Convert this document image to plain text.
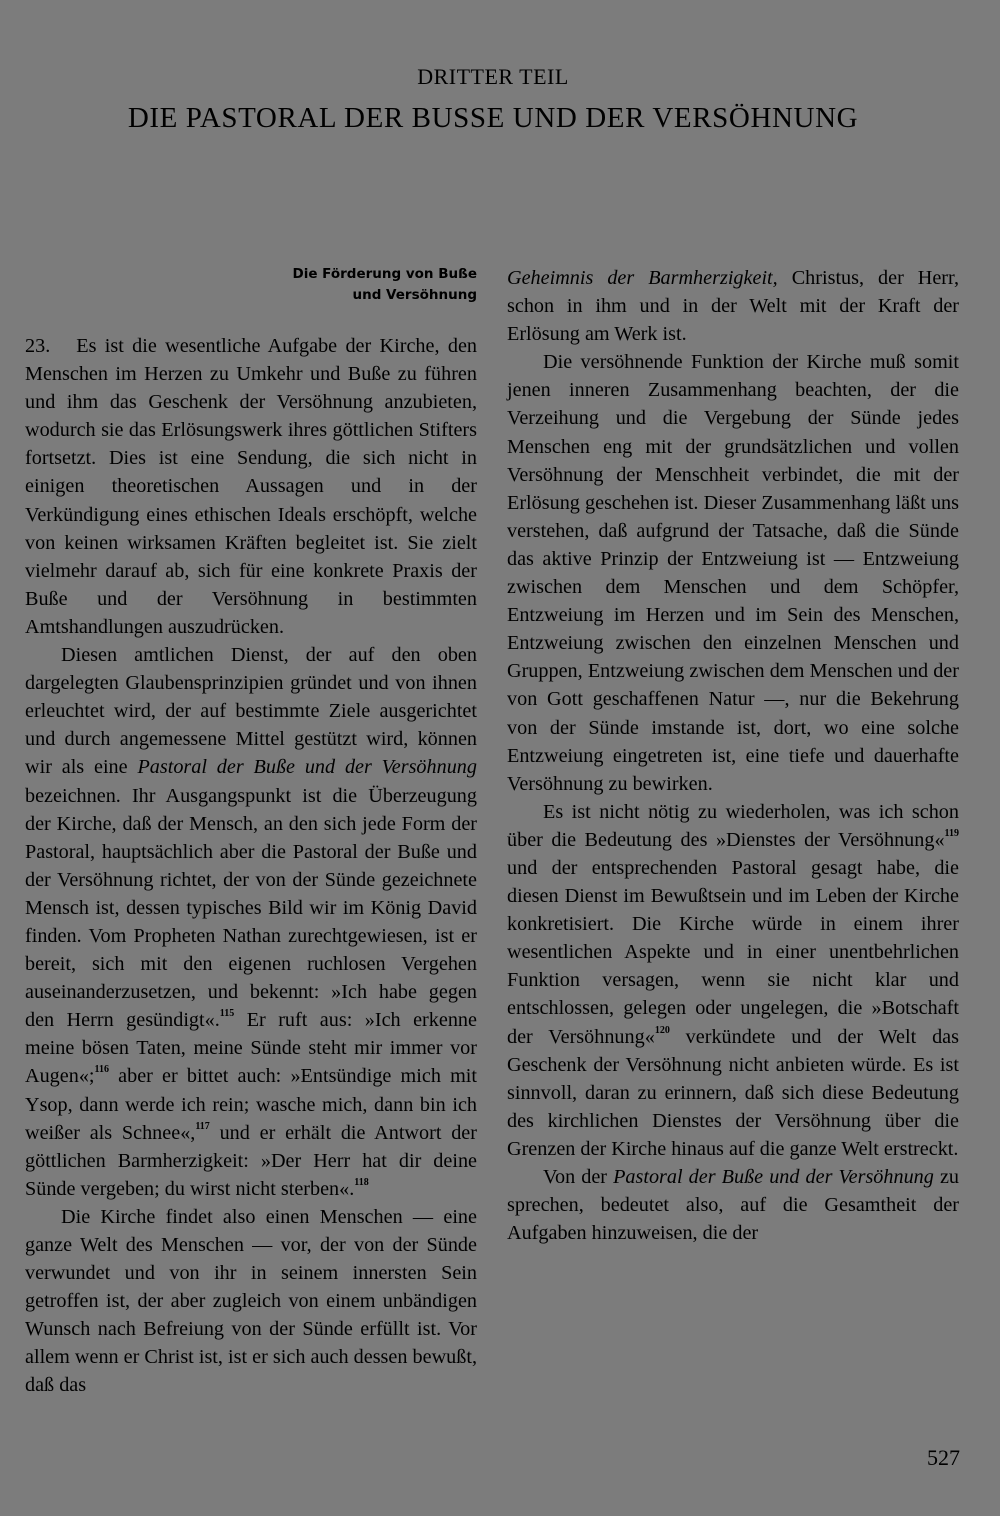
DRITTER TEIL
DIE PASTORAL DER BUSSE UND DER VERSÖHNUNG
Die Förderung von Buße
und Versöhnung

23. Es ist die wesentliche Aufgabe der Kirche, den Menschen im Herzen zu Umkehr und Buße zu führen und ihm das Geschenk der Versöhnung anzubieten, wodurch sie das Erlösungswerk ihres göttlichen Stifters fortsetzt. Dies ist eine Sendung, die sich nicht in einigen theoretischen Aussagen und in der Verkündigung eines ethischen Ideals erschöpft, welche von keinen wirksamen Kräften begleitet ist. Sie zielt vielmehr darauf ab, sich für eine konkrete Praxis der Buße und der Versöhnung in bestimmten Amtshandlungen auszudrücken.

Diesen amtlichen Dienst, der auf den oben dargelegten Glaubensprinzipien gründet und von ihnen erleuchtet wird, der auf bestimmte Ziele ausgerichtet und durch angemessene Mittel gestützt wird, können wir als eine Pastoral der Buße und der Versöhnung bezeichnen. Ihr Ausgangspunkt ist die Überzeugung der Kirche, daß der Mensch, an den sich jede Form der Pastoral, hauptsächlich aber die Pastoral der Buße und der Versöhnung richtet, der von der Sünde gezeichnete Mensch ist, dessen typisches Bild wir im König David finden. Vom Propheten Nathan zurechtgewiesen, ist er bereit, sich mit den eigenen ruchlosen Vergehen auseinanderzusetzen, und bekennt: »Ich habe gegen den Herrn gesündigt«.$^{115}$ Er ruft aus: »Ich erkenne meine bösen Taten, meine Sünde steht mir immer vor Augen«;$^{116}$ aber er bittet auch: »Entsündige mich mit Ysop, dann werde ich rein; wasche mich, dann bin ich weißer als Schnee«,$^{117}$ und er erhält die Antwort der göttlichen Barmherzigkeit: »Der Herr hat dir deine Sünde vergeben; du wirst nicht sterben«.$^{118}$

Die Kirche findet also einen Menschen — eine ganze Welt des Menschen — vor, der von der Sünde verwundet und von ihr in seinem innersten Sein getroffen ist, der aber zugleich von einem unbändigen Wunsch nach Befreiung von der Sünde erfüllt ist. Vor allem wenn er Christ ist, ist er sich auch dessen bewußt, daß das

Geheimnis der Barmherzigkeit, Christus, der Herr, schon in ihm und in der Welt mit der Kraft der Erlösung am Werk ist.

Die versöhnende Funktion der Kirche muß somit jenen inneren Zusammenhang beachten, der die Verzeihung und die Vergebung der Sünde jedes Menschen eng mit der grundsätzlichen und vollen Versöhnung der Menschheit verbindet, die mit der Erlösung geschehen ist. Dieser Zusammenhang läßt uns verstehen, daß aufgrund der Tatsache, daß die Sünde das aktive Prinzip der Entzweiung ist — Entzweiung zwischen dem Menschen und dem Schöpfer, Entzweiung im Herzen und im Sein des Menschen, Entzweiung zwischen den einzelnen Menschen und Gruppen, Entzweiung zwischen dem Menschen und der von Gott geschaffenen Natur —, nur die Bekehrung von der Sünde imstande ist, dort, wo eine solche Entzweiung eingetreten ist, eine tiefe und dauerhafte Versöhnung zu bewirken.

Es ist nicht nötig zu wiederholen, was ich schon über die Bedeutung des »Dienstes der Versöhnung«$^{119}$ und der entsprechenden Pastoral gesagt habe, die diesen Dienst im Bewußtsein und im Leben der Kirche konkretisiert. Die Kirche würde in einem ihrer wesentlichen Aspekte und in einer unentbehrlichen Funktion versagen, wenn sie nicht klar und entschlossen, gelegen oder ungelegen, die »Botschaft der Versöhnung«$^{120}$ verkündete und der Welt das Geschenk der Versöhnung nicht anbieten würde. Es ist sinnvoll, daran zu erinnern, daß sich diese Bedeutung des kirchlichen Dienstes der Versöhnung über die Grenzen der Kirche hinaus auf die ganze Welt erstreckt.

Von der Pastoral der Buße und der Versöhnung zu sprechen, bedeutet also, auf die Gesamtheit der Aufgaben hinzuweisen, die der

527
